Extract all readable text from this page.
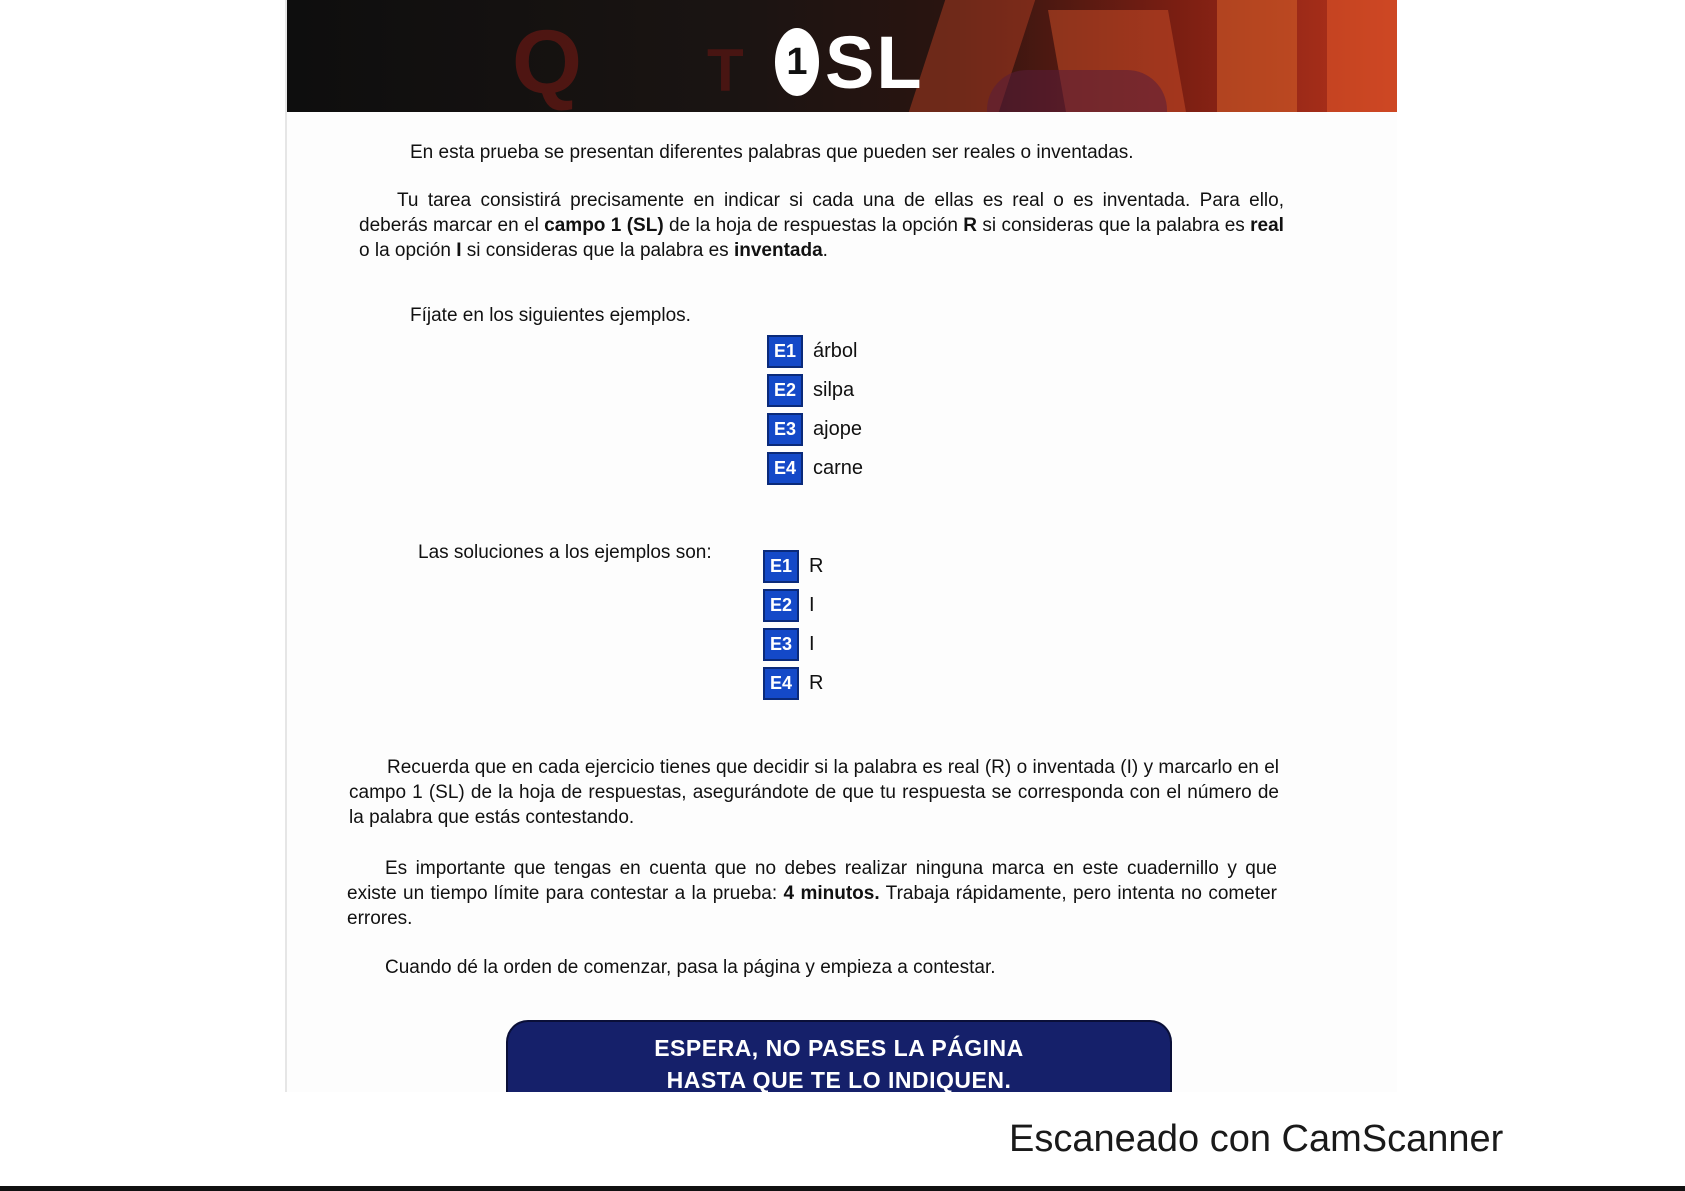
Q T	1 SL
En esta prueba se presentan diferentes palabras que pueden ser reales o inventadas.
Tu tarea consistirá precisamente en indicar si cada una de ellas es real o es inventada. Para ello, deberás marcar en el campo 1 (SL) de la hoja de respuestas la opción R si consideras que la palabra es real o la opción I si consideras que la palabra es inventada.
Fíjate en los siguientes ejemplos.
E1 árbol
E2 silpa
E3 ajope
E4 carne
Las soluciones a los ejemplos son:
E1 R
E2 I
E3 I
E4 R
Recuerda que en cada ejercicio tienes que decidir si la palabra es real (R) o inventada (I) y marcarlo en el campo 1 (SL) de la hoja de respuestas, asegurándote de que tu respuesta se corresponda con el número de la palabra que estás contestando.
Es importante que tengas en cuenta que no debes realizar ninguna marca en este cuadernillo y que existe un tiempo límite para contestar a la prueba: 4 minutos. Trabaja rápidamente, pero intenta no cometer errores.
Cuando dé la orden de comenzar, pasa la página y empieza a contestar.
ESPERA, NO PASES LA PÁGINA
HASTA QUE TE LO INDIQUEN.
Escaneado con CamScanner
